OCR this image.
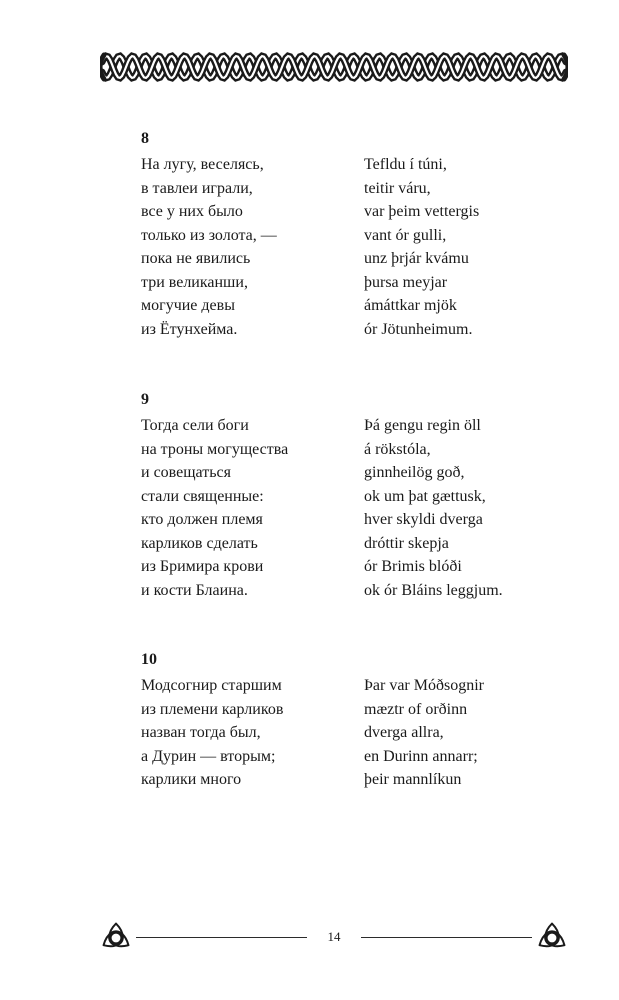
8
На лугу, веселясь,
в тавлеи играли,
все у них было
только из золота, —
пока не явились
три великанши,
могучие девы
из Ётунхейма.
Tefldu í túni,
teitir váru,
var þeim vettergis
vant ór gulli,
unz þrjár kvámu
þursa meyjar
ámáttkar mjök
ór Jötunheimum.
9
Тогда сели боги
на троны могущества
и совещаться
стали священные:
кто должен племя
карликов сделать
из Бримира крови
и кости Блаина.
Þá gengu regin öll
á rökstóla,
ginnheilög goð,
ok um þat gættusk,
hver skyldi dverga
dróttir skepja
ór Brimis blóði
ok ór Bláins leggjum.
10
Модсогнир старшим
из племени карликов
назван тогда был,
а Дурин — вторым;
карлики много
Þar var Móðsognir
mæztr of orðinn
dverga allra,
en Durinn annarr;
þeir mannlíkun
14
